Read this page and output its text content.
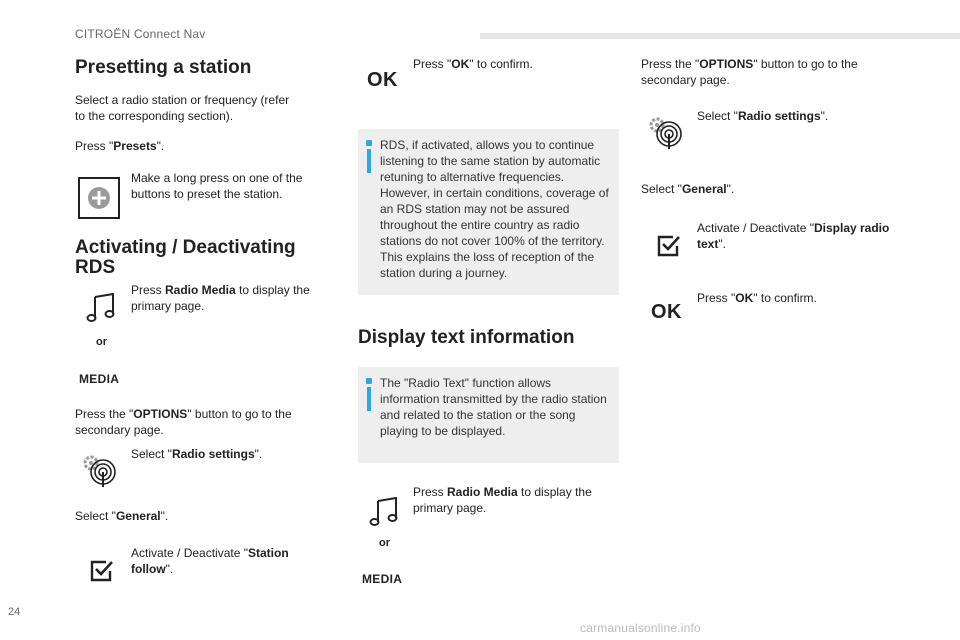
CITROËN Connect Nav
Presetting a station

Select a radio station or frequency (refer to the corresponding section).

Press "Presets".

Make a long press on one of the buttons to preset the station.

Activating / Deactivating
RDS

Press Radio Media to display the primary page.

or
MEDIA

Press the "OPTIONS" button to go to the secondary page.

Select "Radio settings".

Select "General".

Activate / Deactivate "Station follow".

OK

Press "OK" to confirm.

RDS, if activated, allows you to continue listening to the same station by automatic retuning to alternative frequencies. However, in certain conditions, coverage of an RDS station may not be assured throughout the entire country as radio stations do not cover 100% of the territory. This explains the loss of reception of the station during a journey.
Display text information
The "Radio Text" function allows information transmitted by the radio station and related to the station or the song playing to be displayed.

Press Radio Media to display the primary page.

or
MEDIA

Press the "OPTIONS" button to go to the secondary page.

Select "Radio settings".

Select "General".

Activate / Deactivate "Display radio text".

OK

Press "OK" to confirm.

24
carmanualsonline.info
